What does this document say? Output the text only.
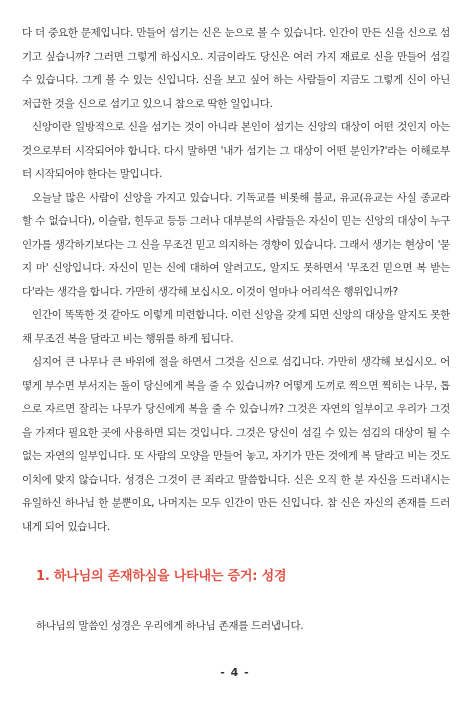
다 더 중요한 문제입니다. 만들어 섬기는 신은 눈으로 볼 수 있습니다. 인간이 만든 신을 신으로 섬기고 싶습니까? 그러면 그렇게 하십시오. 지금이라도 당신은 여러 가지 재료로 신을 만들어 섬길 수 있습니다. 그게 볼 수 있는 신입니다. 신을 보고 싶어 하는 사람들이 지금도 그렇게 신이 아닌 저급한 것을 신으로 섬기고 있으니 참으로 딱한 일입니다.

신앙이란 일방적으로 신을 섬기는 것이 아니라 본인이 섬기는 신앙의 대상이 어떤 것인지 아는 것으로부터 시작되어야 합니다. 다시 말하면 '내가 섬기는 그 대상이 어떤 분인가?'라는 이해로부터 시작되어야 한다는 말입니다.

오늘날 많은 사람이 신앙을 가지고 있습니다. 기독교를 비롯해 불교, 유교(유교는 사실 종교라 할 수 없습니다), 이슬람, 힌두교 등등 그러나 대부분의 사람들은 자신이 믿는 신앙의 대상이 누구인가를 생각하기보다는 그 신을 무조건 믿고 의지하는 경향이 있습니다. 그래서 생기는 현상이 '묻지 마' 신앙입니다. 자신이 믿는 신에 대하여 알려고도, 알지도 못하면서 '무조건 믿으면 복 받는다'라는 생각을 합니다. 가만히 생각해 보십시오. 이것이 얼마나 어리석은 행위입니까?

인간이 똑똑한 것 같아도 이렇게 미련합니다. 이런 신앙을 갖게 되면 신앙의 대상을 알지도 못한 채 무조건 복을 달라고 비는 행위를 하게 됩니다.

심지어 큰 나무나 큰 바위에 절을 하면서 그것을 신으로 섬깁니다. 가만히 생각해 보십시오. 어떻게 부수면 부서지는 돌이 당신에게 복을 줄 수 있습니까? 어떻게 도끼로 찍으면 찍히는 나무, 톱으로 자르면 잘리는 나무가 당신에게 복을 줄 수 있습니까? 그것은 자연의 일부이고 우리가 그것을 가져다 필요한 곳에 사용하면 되는 것입니다. 그것은 당신이 섬길 수 있는 섬김의 대상이 될 수 없는 자연의 일부입니다. 또 사람의 모양을 만들어 놓고, 자기가 만든 것에게 복 달라고 비는 것도 이치에 맞지 않습니다. 성경은 그것이 큰 죄라고 말씀합니다. 신은 오직 한 분 자신을 드러내시는 유일하신 하나님 한 분뿐이요, 나머지는 모두 인간이 만든 신입니다. 참 신은 자신의 존재를 드러내게 되어 있습니다.

1. 하나님의 존재하심을 나타내는 증거: 성경

하나님의 말씀인 성경은 우리에게 하나님 존재를 드러냅니다.

- 4 -
